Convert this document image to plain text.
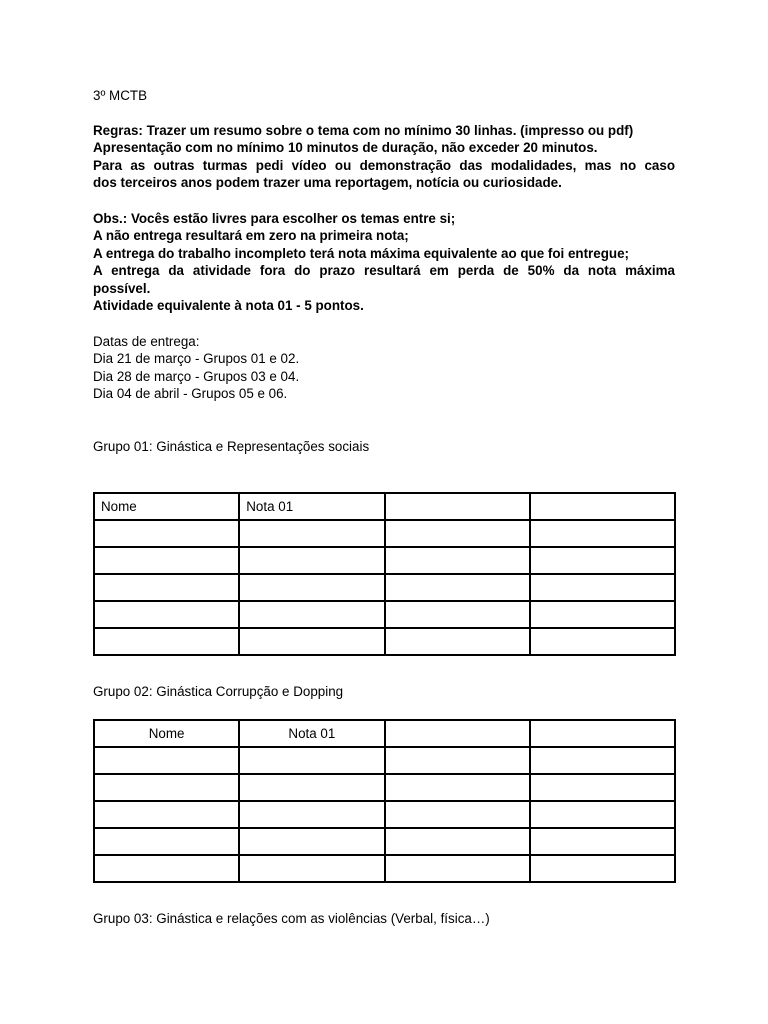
3º MCTB
Regras: Trazer um resumo sobre o tema com no mínimo 30 linhas. (impresso ou pdf)
Apresentação com no mínimo 10 minutos de duração, não exceder 20 minutos.
Para as outras turmas pedi vídeo ou demonstração das modalidades, mas no caso
dos terceiros anos podem trazer uma reportagem, notícia ou curiosidade.
Obs.: Vocês estão livres para escolher os temas entre si;
A não entrega resultará em zero na primeira nota;
A entrega do trabalho incompleto terá nota máxima equivalente ao que foi entregue;
A entrega da atividade fora do prazo resultará em perda de 50% da nota máxima
possível.
Atividade equivalente à nota 01 - 5 pontos.
Datas de entrega:
Dia 21 de março - Grupos 01 e 02.
Dia 28 de março - Grupos 03 e 04.
Dia 04 de abril - Grupos 05 e 06.
Grupo 01: Ginástica e Representações sociais
Nome	Nota 01		

Grupo 02: Ginástica Corrupção e Dopping
Nome	Nota 01		

Grupo 03: Ginástica e relações com as violências (Verbal, física…)
